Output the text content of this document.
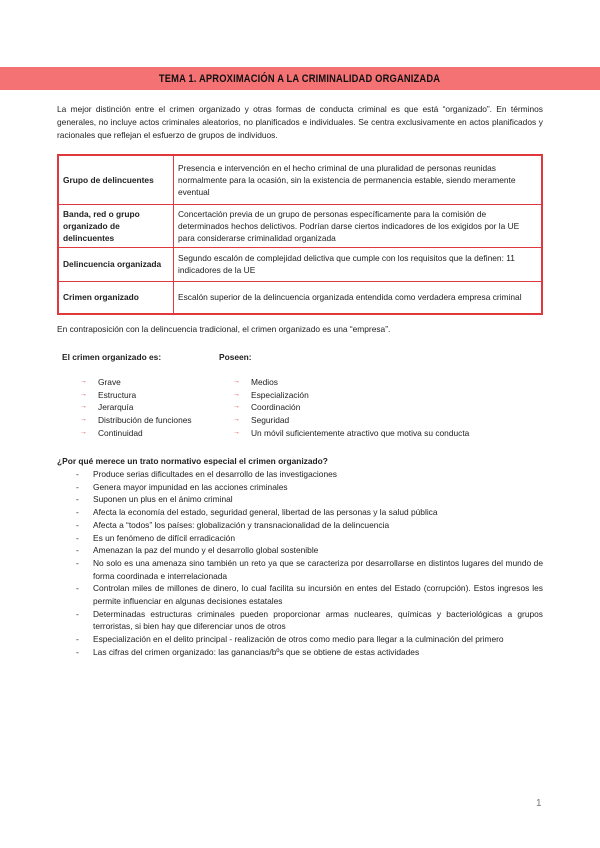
TEMA 1. APROXIMACIÓN A LA CRIMINALIDAD ORGANIZADA
La mejor distinción entre el crimen organizado y otras formas de conducta criminal es que está “organizado”. En términos generales, no incluye actos criminales aleatorios, no planificados e individuales. Se centra exclusivamente en actos planificados y racionales que reflejan el esfuerzo de grupos de individuos.
Grupo de delincuentes	Presencia e intervención en el hecho criminal de una pluralidad de personas reunidas normalmente para la ocasión, sin la existencia de permanencia estable, siendo meramente eventual
Banda, red o grupo organizado de delincuentes	Concertación previa de un grupo de personas específicamente para la comisión de determinados hechos delictivos. Podrían darse ciertos indicadores de los exigidos por la UE para considerarse criminalidad organizada
Delincuencia organizada	Segundo escalón de complejidad delictiva que cumple con los requisitos que la definen: 11 indicadores de la UE
Crimen organizado	Escalón superior de la delincuencia organizada entendida como verdadera empresa criminal
En contraposición con la delincuencia tradicional, el crimen organizado es una “empresa”.
El crimen organizado es:	Poseen:
→ Grave
→ Estructura
→ Jerarquía
→ Distribución de funciones
→ Continuidad
→ Medios
→ Especialización
→ Coordinación
→ Seguridad
→ Un móvil suficientemente atractivo que motiva su conducta
¿Por qué merece un trato normativo especial el crimen organizado?
- Produce serias dificultades en el desarrollo de las investigaciones
- Genera mayor impunidad en las acciones criminales
- Suponen un plus en el ánimo criminal
- Afecta la economía del estado, seguridad general, libertad de las personas y la salud pública
- Afecta a “todos” los países: globalización y transnacionalidad de la delincuencia
- Es un fenómeno de difícil erradicación
- Amenazan la paz del mundo y el desarrollo global sostenible
- No solo es una amenaza sino también un reto ya que se caracteriza por desarrollarse en distintos lugares del mundo de forma coordinada e interrelacionada
- Controlan miles de millones de dinero, lo cual facilita su incursión en entes del Estado (corrupción). Estos ingresos les permite influenciar en algunas decisiones estatales
- Determinadas estructuras criminales pueden proporcionar armas nucleares, químicas y bacteriológicas a grupos terroristas, si bien hay que diferenciar unos de otros
- Especialización en el delito principal - realización de otros como medio para llegar a la culminación del primero
- Las cifras del crimen organizado: las ganancias/bºs que se obtiene de estas actividades
1
